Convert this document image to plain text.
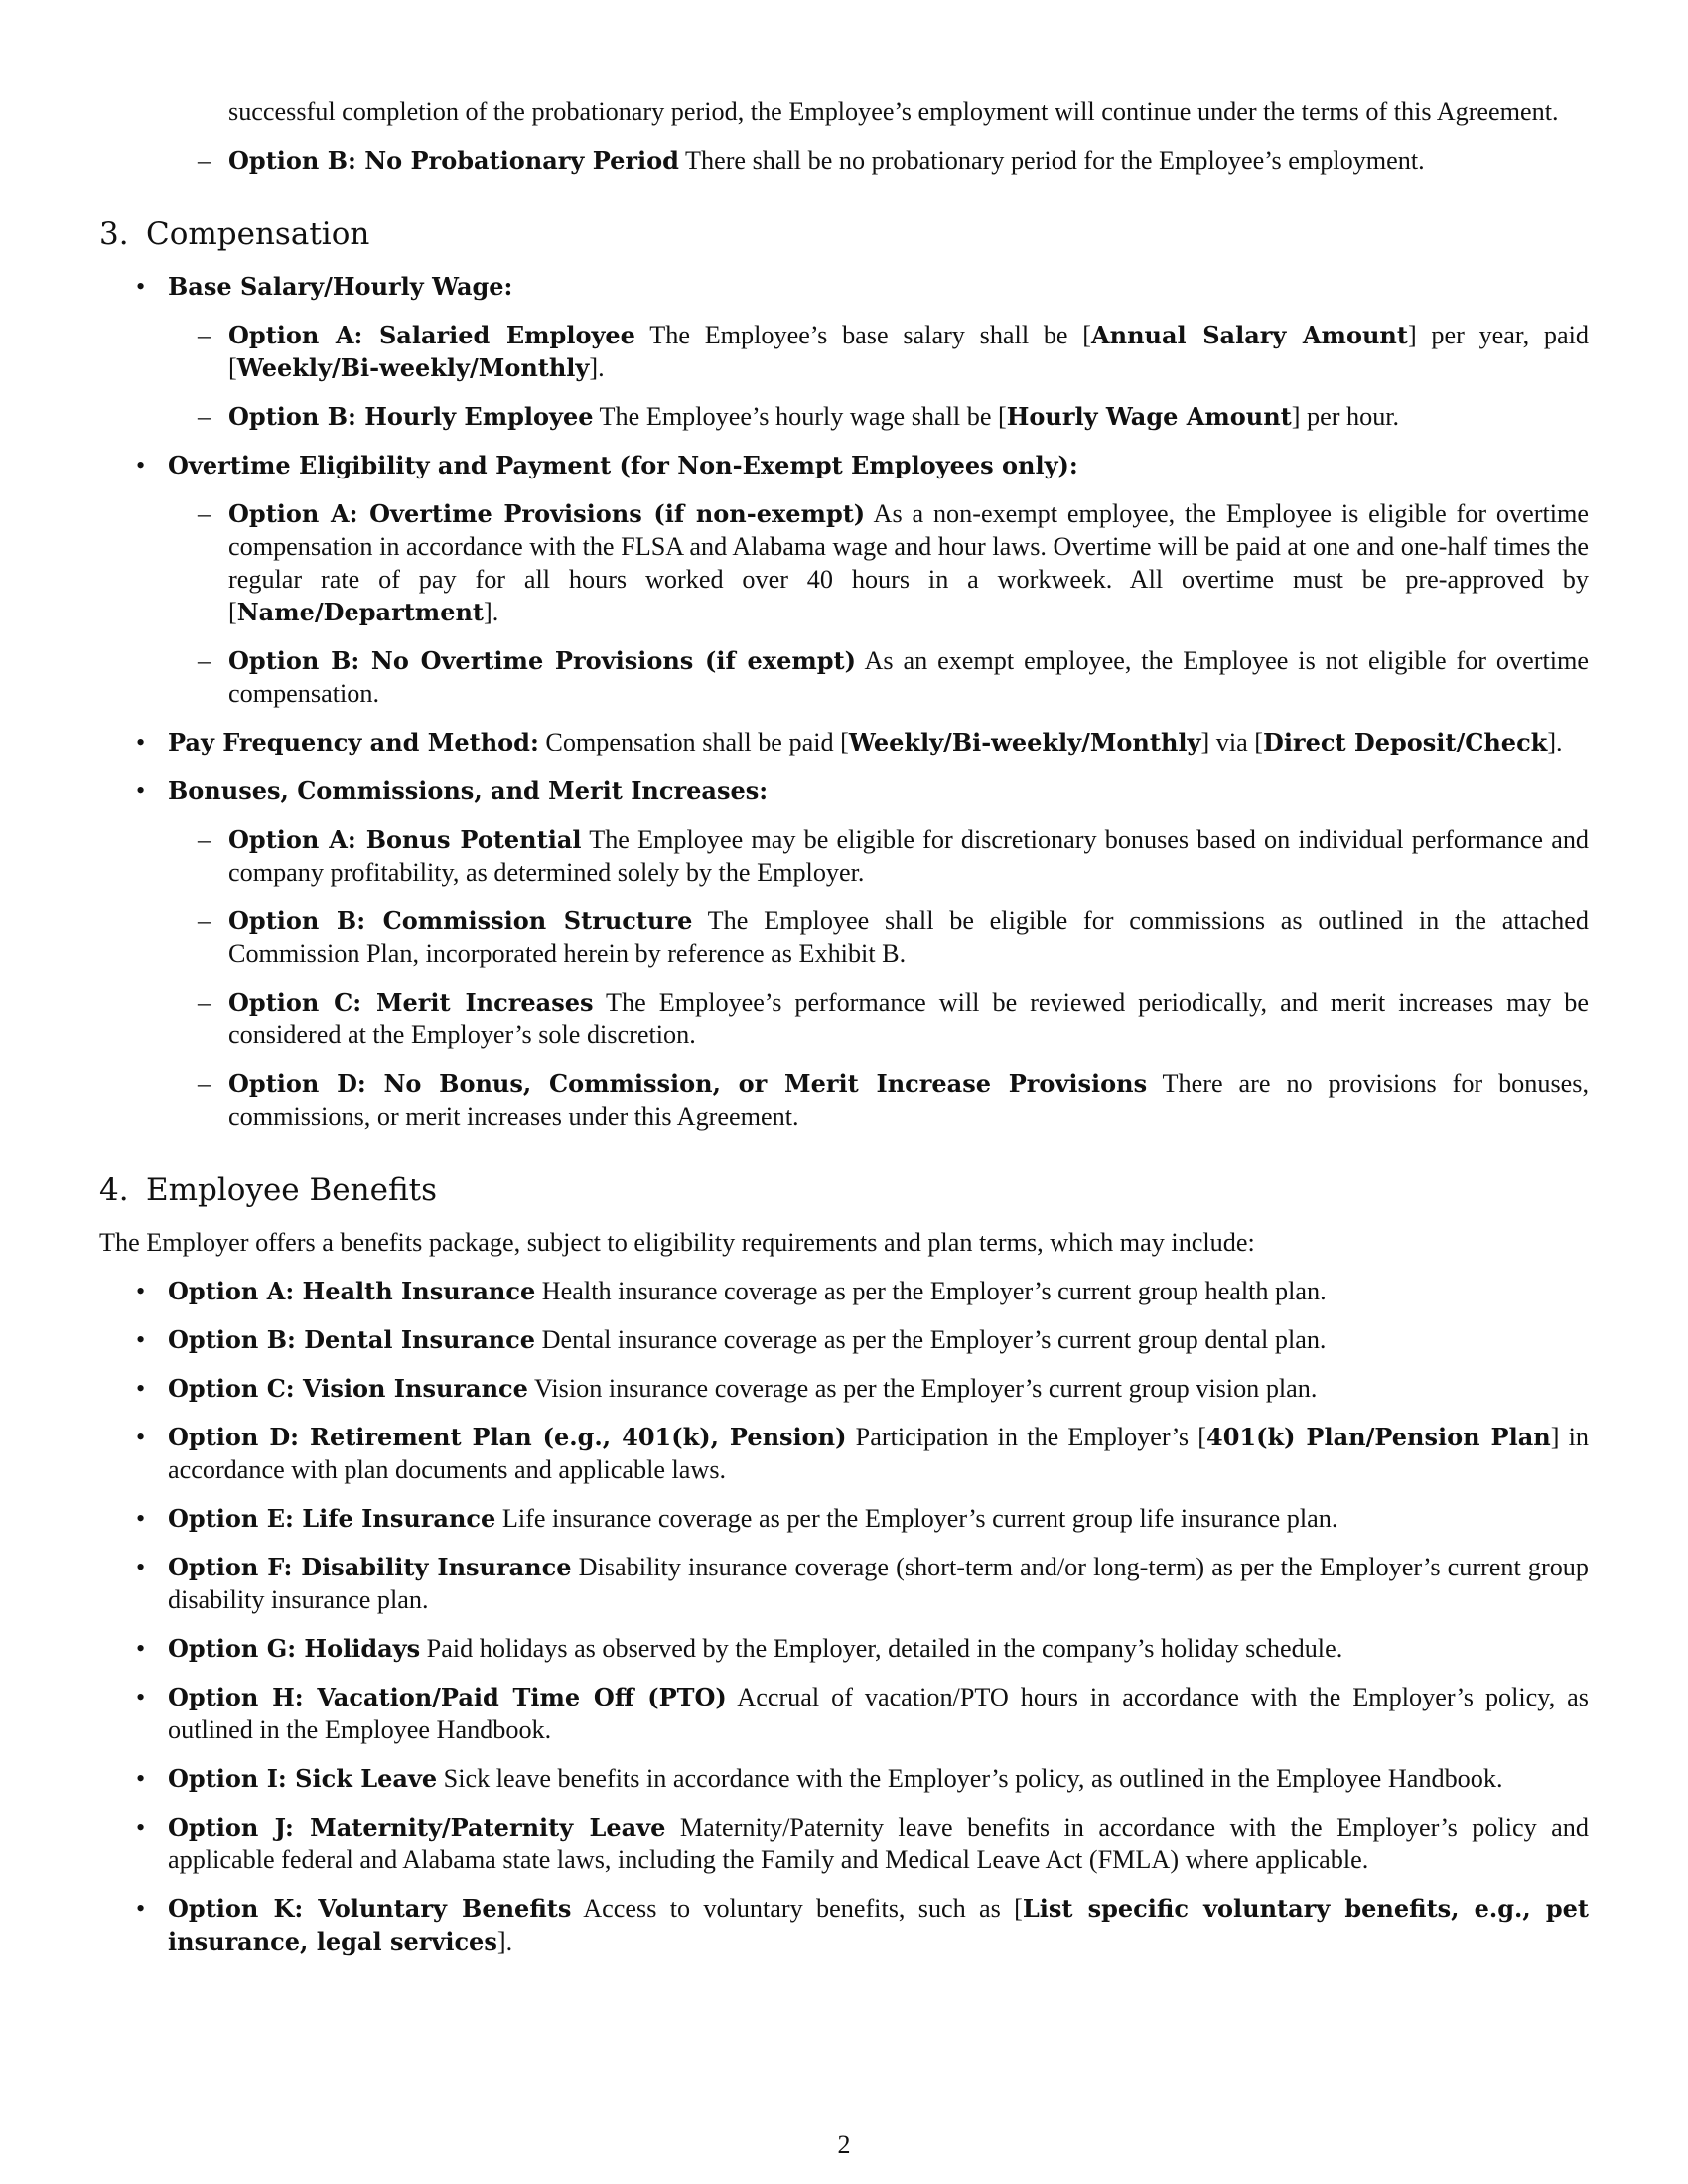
successful completion of the probationary period, the Employee’s employment will continue under the terms of this Agreement.

– Option B: No Probationary Period There shall be no probationary period for the Employee’s employment.
3. Compensation
• Base Salary/Hourly Wage:
– Option A: Salaried Employee The Employee’s base salary shall be [Annual Salary Amount] per year, paid [Weekly/Bi-weekly/Monthly].
– Option B: Hourly Employee The Employee’s hourly wage shall be [Hourly Wage Amount] per hour.
• Overtime Eligibility and Payment (for Non-Exempt Employees only):
– Option A: Overtime Provisions (if non-exempt) As a non-exempt employee, the Employee is eligible for overtime compensation in accordance with the FLSA and Alabama wage and hour laws. Overtime will be paid at one and one-half times the regular rate of pay for all hours worked over 40 hours in a workweek. All overtime must be pre-approved by [Name/Department].
– Option B: No Overtime Provisions (if exempt) As an exempt employee, the Employee is not eligible for overtime compensation.
• Pay Frequency and Method: Compensation shall be paid [Weekly/Bi-weekly/Monthly] via [Direct Deposit/Check].
• Bonuses, Commissions, and Merit Increases:
– Option A: Bonus Potential The Employee may be eligible for discretionary bonuses based on individual performance and company profitability, as determined solely by the Employer.
– Option B: Commission Structure The Employee shall be eligible for commissions as outlined in the attached Commission Plan, incorporated herein by reference as Exhibit B.
– Option C: Merit Increases The Employee’s performance will be reviewed periodically, and merit increases may be considered at the Employer’s sole discretion.
– Option D: No Bonus, Commission, or Merit Increase Provisions There are no provisions for bonuses, commissions, or merit increases under this Agreement.
4. Employee Benefits

The Employer offers a benefits package, subject to eligibility requirements and plan terms, which may include:

• Option A: Health Insurance Health insurance coverage as per the Employer’s current group health plan.
• Option B: Dental Insurance Dental insurance coverage as per the Employer’s current group dental plan.
• Option C: Vision Insurance Vision insurance coverage as per the Employer’s current group vision plan.
• Option D: Retirement Plan (e.g., 401(k), Pension) Participation in the Employer’s [401(k) Plan/Pension Plan] in accordance with plan documents and applicable laws.
• Option E: Life Insurance Life insurance coverage as per the Employer’s current group life insurance plan.
• Option F: Disability Insurance Disability insurance coverage (short-term and/or long-term) as per the Employer’s current group disability insurance plan.
• Option G: Holidays Paid holidays as observed by the Employer, detailed in the company’s holiday schedule.
• Option H: Vacation/Paid Time Off (PTO) Accrual of vacation/PTO hours in accordance with the Employer’s policy, as outlined in the Employee Handbook.
• Option I: Sick Leave Sick leave benefits in accordance with the Employer’s policy, as outlined in the Employee Handbook.
• Option J: Maternity/Paternity Leave Maternity/Paternity leave benefits in accordance with the Employer’s policy and applicable federal and Alabama state laws, including the Family and Medical Leave Act (FMLA) where applicable.
• Option K: Voluntary Benefits Access to voluntary benefits, such as [List specific voluntary benefits, e.g., pet insurance, legal services].
2
